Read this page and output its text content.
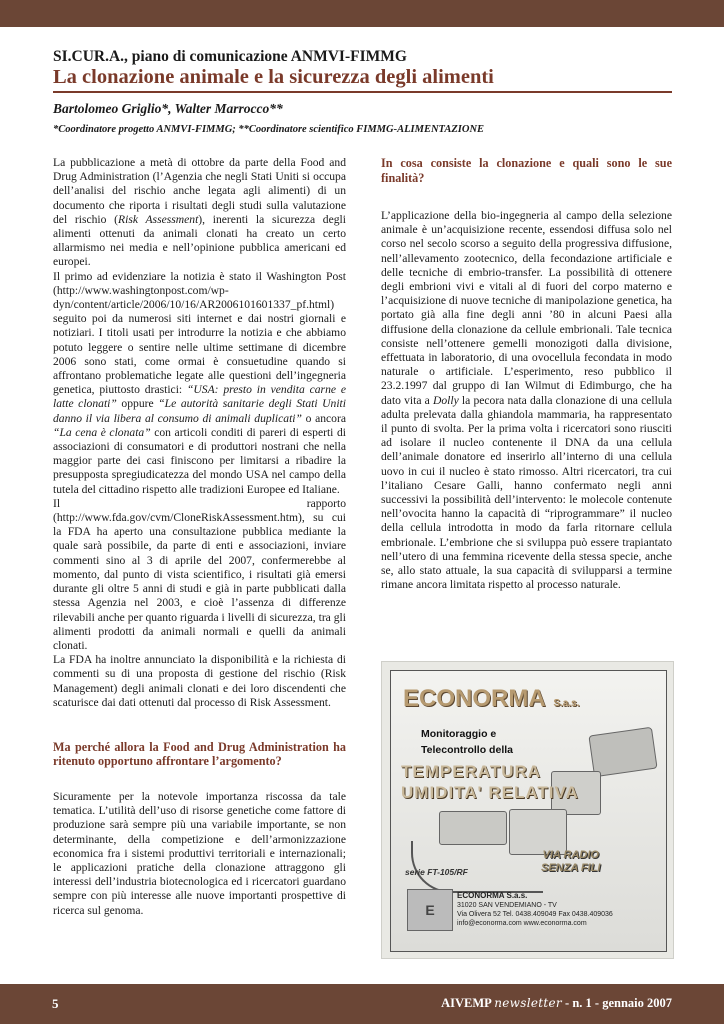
SI.CUR.A., piano di comunicazione ANMVI-FIMMG
La clonazione animale e la sicurezza degli alimenti
Bartolomeo Griglio*, Walter Marrocco**
*Coordinatore progetto ANMVI-FIMMG; **Coordinatore scientifico FIMMG-ALIMENTAZIONE

La pubblicazione a metà di ottobre da parte della Food and Drug Administration (l’Agenzia che negli Stati Uniti si occupa dell’analisi del rischio anche legata agli alimenti) di un documento che riporta i risultati degli studi sulla valutazione del rischio (Risk Assessment), inerenti la sicurezza degli alimenti ottenuti da animali clonati ha creato un certo allarmismo nei media e nell’opinione pubblica americani ed europei.

Il primo ad evidenziare la notizia è stato il Washington Post (http://www.washingtonpost.com/wp-dyn/content/article/2006/10/16/AR2006101601337_pf.html) seguito poi da numerosi siti internet e dai nostri giornali e notiziari. I titoli usati per introdurre la notizia e che abbiamo potuto leggere o sentire nelle ultime settimane di dicembre 2006 sono stati, come ormai è consuetudine quando si affrontano problematiche legate alle questioni dell’ingegneria genetica, piuttosto drastici: “USA: presto in vendita carne e latte clonati” oppure “Le autorità sanitarie degli Stati Uniti danno il via libera al consumo di animali duplicati” o ancora “La cena è clonata” con articoli conditi di pareri di esperti di associazioni di consumatori e di produttori nostrani che nella maggior parte dei casi finiscono per limitarsi a ribadire la presupposta spregiudicatezza del mondo USA nel campo della tutela del cittadino rispetto alle tradizioni Europee ed Italiane.

Il rapporto (http://www.fda.gov/cvm/CloneRiskAssessment.htm), su cui la FDA ha aperto una consultazione pubblica mediante la quale sarà possibile, da parte di enti e associazioni, inviare commenti sino al 3 di aprile del 2007, confermerebbe al momento, dal punto di vista scientifico, i risultati già emersi durante gli oltre 5 anni di studi e già in parte pubblicati dalla stessa Agenzia nel 2003, e cioè l’assenza di differenze rilevabili anche per quanto riguarda i livelli di sicurezza, tra gli alimenti prodotti da animali normali e quelli da animali clonati.

La FDA ha inoltre annunciato la disponibilità e la richiesta di commenti su di una proposta di gestione del rischio (Risk Management) degli animali clonati e dei loro discendenti che scaturisce dai dati ottenuti dal processo di Risk Assessment.

Ma perché allora la Food and Drug Administration ha ritenuto opportuno affrontare l’argomento?

Sicuramente per la notevole importanza riscossa da tale tematica. L’utilità dell’uso di risorse genetiche come fattore di produzione sarà sempre più una variabile importante, se non determinante, della competizione e dell’armonizzazione economica fra i sistemi produttivi territoriali e internazionali; le applicazioni pratiche della clonazione attraggono gli interessi dell’industria biotecnologica ed i ricercatori guardano sempre con più interesse alle nuove importanti prospettive di ricerca sul genoma.

In cosa consiste la clonazione e quali sono le sue finalità?

L’applicazione della bio-ingegneria al campo della selezione animale è un’acquisizione recente, essendosi diffusa solo nel corso nel secolo scorso a seguito della progressiva diffusione, nell’allevamento zootecnico, della fecondazione artificiale e delle tecniche di embrio-transfer. La possibilità di ottenere degli embrioni vivi e vitali al di fuori del corpo materno e l’acquisizione di nuove tecniche di manipolazione genetica, ha portato già alla fine degli anni ’80 in alcuni Paesi alla diffusione della clonazione da cellule embrionali. Tale tecnica consiste nell’ottenere gemelli monozigoti dalla divisione, effettuata in laboratorio, di una ovocellula fecondata in modo naturale o artificiale. L’esperimento, reso pubblico il 23.2.1997 dal gruppo di Ian Wilmut di Edimburgo, che ha dato vita a Dolly la pecora nata dalla clonazione di una cellula adulta prelevata dalla ghiandola mammaria, ha rappresentato il punto di svolta. Per la prima volta i ricercatori sono riusciti ad isolare il nucleo contenente il DNA da una cellula dell’animale donatore ed inserirlo all’interno di una cellula uovo in cui il nucleo è stato rimosso. Altri ricercatori, tra cui l’italiano Cesare Galli, hanno confermato negli anni successivi la possibilità dell’intervento: le molecole contenute nell’ovocita hanno la capacità di “riprogrammare” il nucleo della cellula introdotta in modo da farla ritornare cellula embrionale. L’embrione che si sviluppa può essere trapiantato nell’utero di una femmina ricevente della stessa specie, anche se, allo stato attuale, la sua capacità di svilupparsi a termine rimane ancora limitata rispetto al processo naturale.

ECONORMA S.a.s.
Monitoraggio e
Telecontrollo della
TEMPERATURA
UMIDITA' RELATIVA
VIA RADIO
SENZA FILI
serie FT-105/RF
E
ECONORMA S.a.s.
31020 SAN VENDEMIANO - TV
Via Olivera 52 Tel. 0438.409049 Fax 0438.409036
info@econorma.com www.econorma.com
5	AIVEMP newsletter - n. 1 - gennaio 2007
